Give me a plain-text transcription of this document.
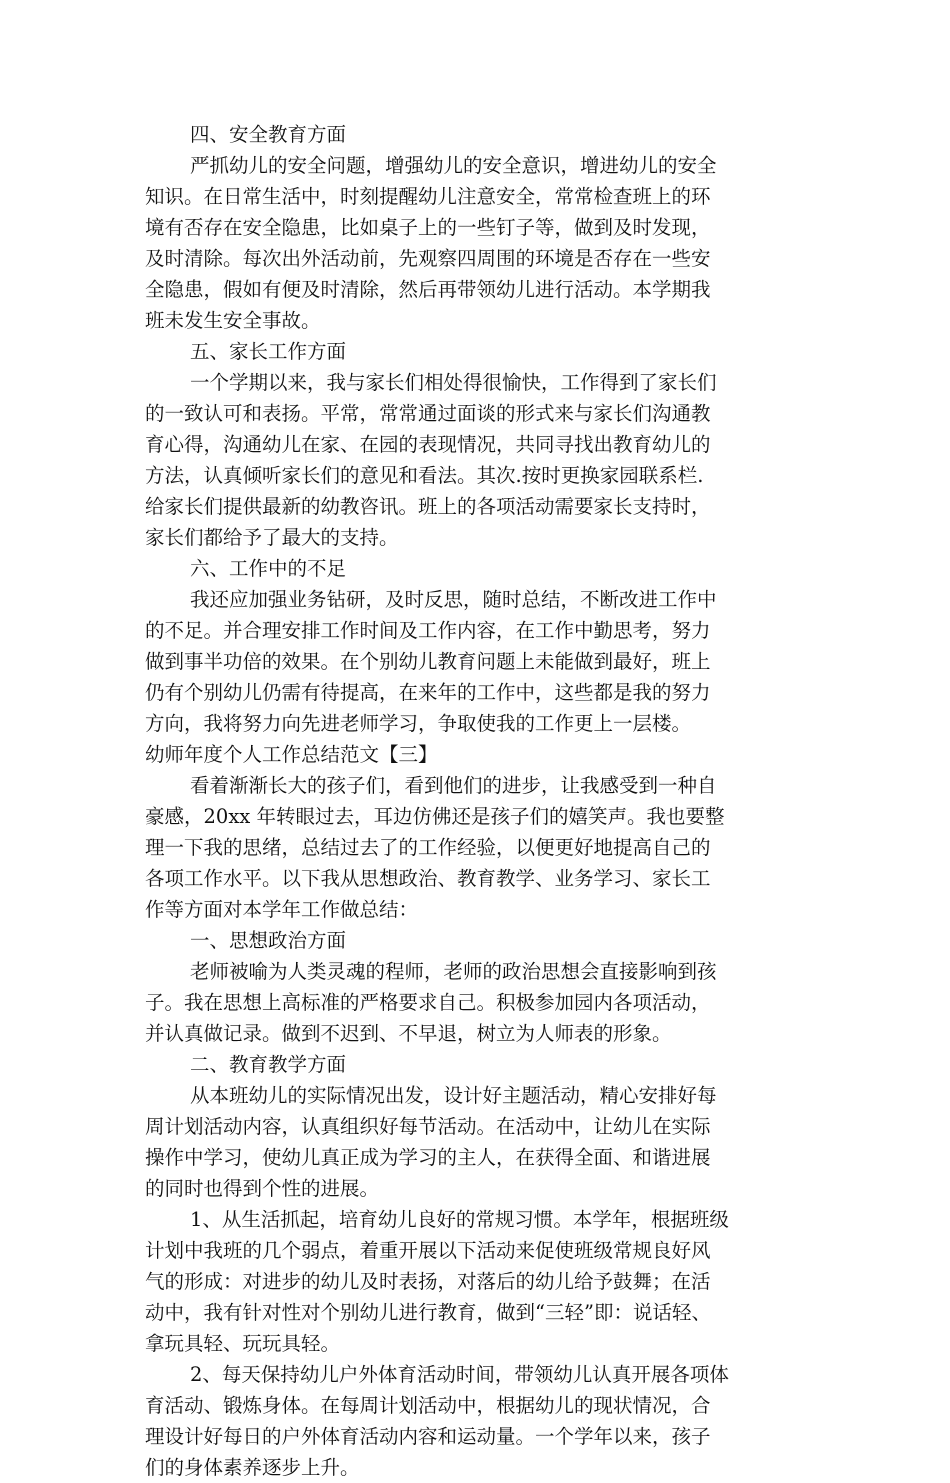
四、安全教育方面
严抓幼儿的安全问题，增强幼儿的安全意识，增进幼儿的安全
知识。在日常生活中，时刻提醒幼儿注意安全，常常检查班上的环
境有否存在安全隐患，比如桌子上的一些钉子等，做到及时发现，
及时清除。每次出外活动前，先观察四周围的环境是否存在一些安
全隐患，假如有便及时清除，然后再带领幼儿进行活动。本学期我
班未发生安全事故。
五、家长工作方面
一个学期以来，我与家长们相处得很愉快，工作得到了家长们
的一致认可和表扬。平常，常常通过面谈的形式来与家长们沟通教
育心得，沟通幼儿在家、在园的表现情况，共同寻找出教育幼儿的
方法，认真倾听家长们的意见和看法。其次.按时更换家园联系栏.
给家长们提供最新的幼教咨讯。班上的各项活动需要家长支持时，
家长们都给予了最大的支持。
六、工作中的不足
我还应加强业务钻研，及时反思，随时总结，不断改进工作中
的不足。并合理安排工作时间及工作内容，在工作中勤思考，努力
做到事半功倍的效果。在个别幼儿教育问题上未能做到最好，班上
仍有个别幼儿仍需有待提高，在来年的工作中，这些都是我的努力
方向，我将努力向先进老师学习，争取使我的工作更上一层楼。
幼师年度个人工作总结范文【三】
看着渐渐长大的孩子们，看到他们的进步，让我感受到一种自
豪感，20xx 年转眼过去，耳边仿佛还是孩子们的嬉笑声。我也要整
理一下我的思绪，总结过去了的工作经验，以便更好地提高自己的
各项工作水平。以下我从思想政治、教育教学、业务学习、家长工
作等方面对本学年工作做总结：
一、思想政治方面
老师被喻为人类灵魂的程师，老师的政治思想会直接影响到孩
子。我在思想上高标准的严格要求自己。积极参加园内各项活动，
并认真做记录。做到不迟到、不早退，树立为人师表的形象。
二、教育教学方面
从本班幼儿的实际情况出发，设计好主题活动，精心安排好每
周计划活动内容，认真组织好每节活动。在活动中，让幼儿在实际
操作中学习，使幼儿真正成为学习的主人，在获得全面、和谐进展
的同时也得到个性的进展。
1、从生活抓起，培育幼儿良好的常规习惯。本学年，根据班级
计划中我班的几个弱点，着重开展以下活动来促使班级常规良好风
气的形成：对进步的幼儿及时表扬，对落后的幼儿给予鼓舞；在活
动中，我有针对性对个别幼儿进行教育，做到“三轻”即：说话轻、
拿玩具轻、玩玩具轻。
2、每天保持幼儿户外体育活动时间，带领幼儿认真开展各项体
育活动、锻炼身体。在每周计划活动中，根据幼儿的现状情况，合
理设计好每日的户外体育活动内容和运动量。一个学年以来，孩子
们的身体素养逐步上升。
